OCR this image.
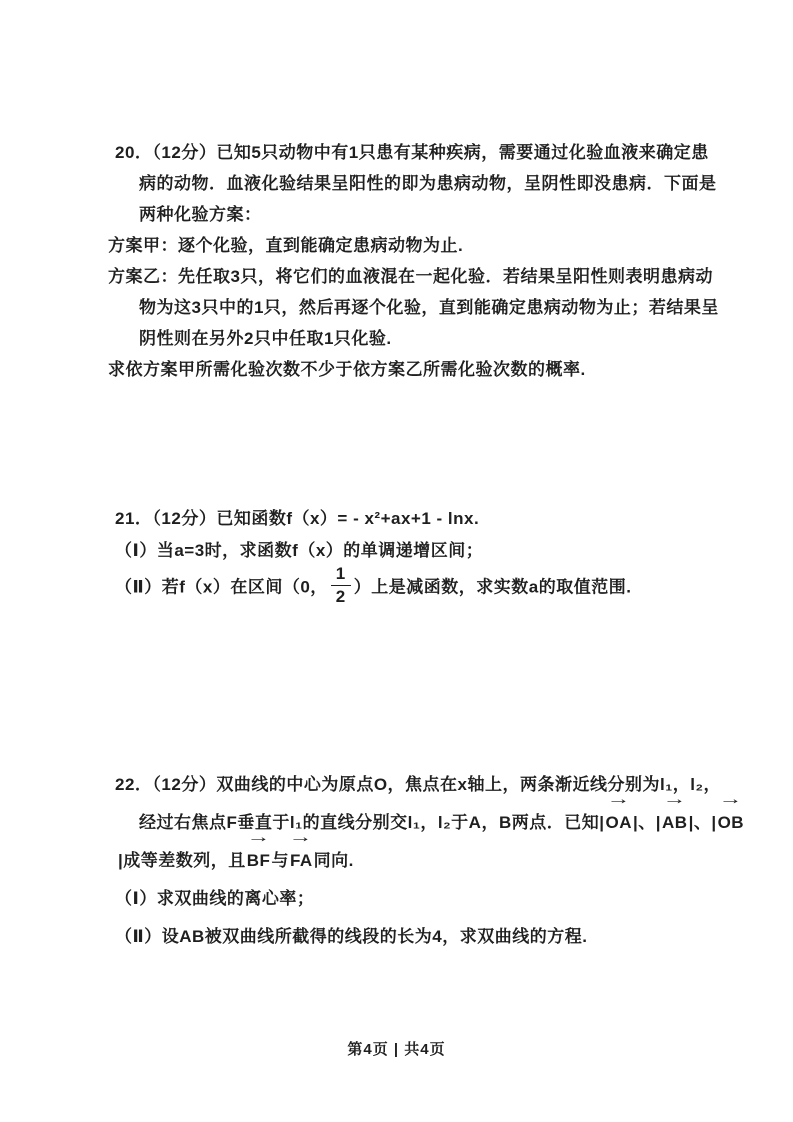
20．（12分）已知5只动物中有1只患有某种疾病，需要通过化验血液来确定患
病的动物．血液化验结果呈阳性的即为患病动物，呈阴性即没患病．下面是
两种化验方案：
方案甲：逐个化验，直到能确定患病动物为止.
方案乙：先任取3只，将它们的血液混在一起化验．若结果呈阳性则表明患病动
物为这3只中的1只，然后再逐个化验，直到能确定患病动物为止；若结果呈
阴性则在另外2只中任取1只化验.
求依方案甲所需化验次数不少于依方案乙所需化验次数的概率.
21．（12分）已知函数f（x）= - x²+ax+1 - lnx.
（Ⅰ）当a=3时，求函数f（x）的单调递增区间；
（Ⅱ）若f（x）在区间（0， $\frac{1}{2}$ ）上是减函数，求实数a的取值范围.
22．（12分）双曲线的中心为原点O，焦点在x轴上，两条渐近线分别为l₁，l₂，
经过右焦点F垂直于l₁的直线分别交l₁，l₂于A，B两点．已知|→ OA|、|→ AB|、|→ OB
|成等差数列，且→ BF与→ FA同向.
（Ⅰ）求双曲线的离心率；
（Ⅱ）设AB被双曲线所截得的线段的长为4，求双曲线的方程.
第4页 | 共4页
